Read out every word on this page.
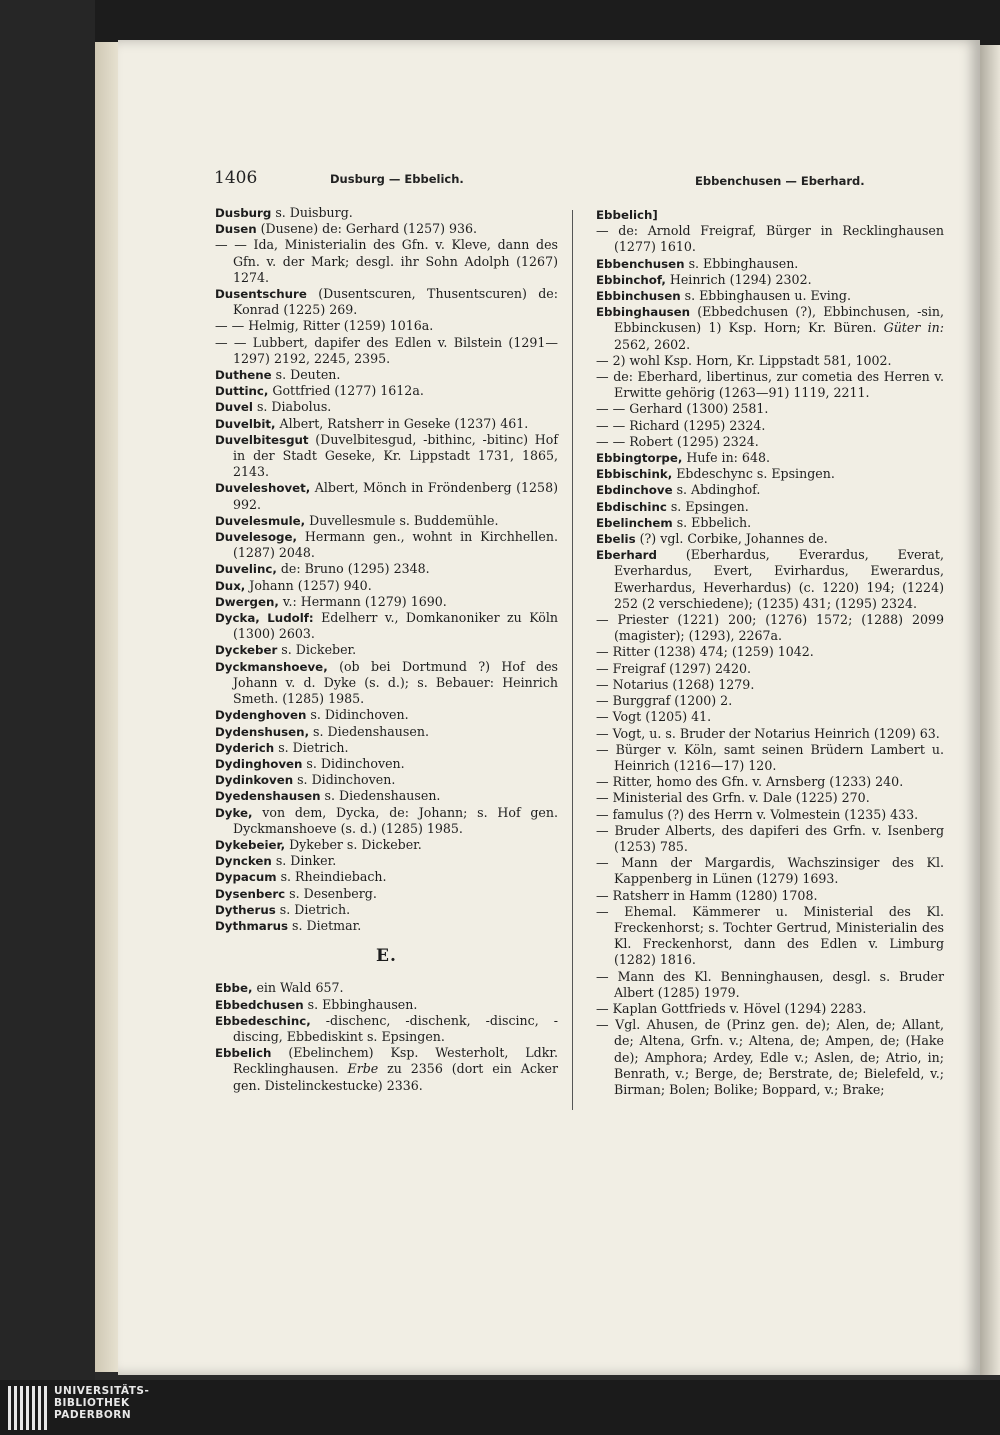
1406	Dusburg — Ebbelich.	Ebbenchusen — Eberhard.

Dusburg s. Duisburg.

Dusen (Dusene) de: Gerhard (1257) 936.

— — Ida, Ministerialin des Gfn. v. Kleve, dann des Gfn. v. der Mark; desgl. ihr Sohn Adolph (1267) 1274.

Dusentschure (Dusentscuren, Thusentscuren) de: Konrad (1225) 269.

— — Helmig, Ritter (1259) 1016a.

— — Lubbert, dapifer des Edlen v. Bilstein (1291—1297) 2192, 2245, 2395.

Duthene s. Deuten.

Duttinc, Gottfried (1277) 1612a.

Duvel s. Diabolus.

Duvelbit, Albert, Ratsherr in Geseke (1237) 461.

Duvelbitesgut (Duvelbitesgud, -bithinc, -bitinc) Hof in der Stadt Geseke, Kr. Lippstadt 1731, 1865, 2143.

Duveleshovet, Albert, Mönch in Fröndenberg (1258) 992.

Duvelesmule, Duvellesmule s. Buddemühle.

Duvelesoge, Hermann gen., wohnt in Kirchhellen. (1287) 2048.

Duvelinc, de: Bruno (1295) 2348.

Dux, Johann (1257) 940.

Dwergen, v.: Hermann (1279) 1690.

Dycka, Ludolf: Edelherr v., Domkanoniker zu Köln (1300) 2603.

Dyckeber s. Dickeber.

Dyckmanshoeve, (ob bei Dortmund ?) Hof des Johann v. d. Dyke (s. d.); s. Bebauer: Heinrich Smeth. (1285) 1985.

Dydenghoven s. Didinchoven.

Dydenshusen, s. Diedenshausen.

Dyderich s. Dietrich.

Dydinghoven s. Didinchoven.

Dydinkoven s. Didinchoven.

Dyedenshausen s. Diedenshausen.

Dyke, von dem, Dycka, de: Johann; s. Hof gen. Dyckmanshoeve (s. d.) (1285) 1985.

Dykebeier, Dykeber s. Dickeber.

Dyncken s. Dinker.

Dypacum s. Rheindiebach.

Dysenberc s. Desenberg.

Dytherus s. Dietrich.

Dythmarus s. Dietmar.

E.

Ebbe, ein Wald 657.

Ebbedchusen s. Ebbinghausen.

Ebbedeschinc, -dischenc, -dischenk, -discinc, -discing, Ebbediskint s. Epsingen.

Ebbelich (Ebelinchem) Ksp. Westerholt, Ldkr. Recklinghausen. Erbe zu 2356 (dort ein Acker gen. Distelinckestucke) 2336.

Ebbelich]

— de: Arnold Freigraf, Bürger in Recklinghausen (1277) 1610.

Ebbenchusen s. Ebbinghausen.

Ebbinchof, Heinrich (1294) 2302.

Ebbinchusen s. Ebbinghausen u. Eving.

Ebbinghausen (Ebbedchusen (?), Ebbinchusen, -sin, Ebbinckusen) 1) Ksp. Horn; Kr. Büren. Güter in: 2562, 2602.

— 2) wohl Ksp. Horn, Kr. Lippstadt 581, 1002.

— de: Eberhard, libertinus, zur cometia des Herren v. Erwitte gehörig (1263—91) 1119, 2211.

— — Gerhard (1300) 2581.

— — Richard (1295) 2324.

— — Robert (1295) 2324.

Ebbingtorpe, Hufe in: 648.

Ebbischink, Ebdeschync s. Epsingen.

Ebdinchove s. Abdinghof.

Ebdischinc s. Epsingen.

Ebelinchem s. Ebbelich.

Ebelis (?) vgl. Corbike, Johannes de.

Eberhard (Eberhardus, Everardus, Everat, Everhardus, Evert, Evirhardus, Ewerardus, Ewerhardus, Heverhardus) (c. 1220) 194; (1224) 252 (2 verschiedene); (1235) 431; (1295) 2324.

— Priester (1221) 200; (1276) 1572; (1288) 2099 (magister); (1293), 2267a.

— Ritter (1238) 474; (1259) 1042.

— Freigraf (1297) 2420.

— Notarius (1268) 1279.

— Burggraf (1200) 2.

— Vogt (1205) 41.

— Vogt, u. s. Bruder der Notarius Heinrich (1209) 63.

— Bürger v. Köln, samt seinen Brüdern Lambert u. Heinrich (1216—17) 120.

— Ritter, homo des Gfn. v. Arnsberg (1233) 240.

— Ministerial des Grfn. v. Dale (1225) 270.

— famulus (?) des Herrn v. Volmestein (1235) 433.

— Bruder Alberts, des dapiferi des Grfn. v. Isenberg (1253) 785.

— Mann der Margardis, Wachszinsiger des Kl. Kappenberg in Lünen (1279) 1693.

— Ratsherr in Hamm (1280) 1708.

— Ehemal. Kämmerer u. Ministerial des Kl. Freckenhorst; s. Tochter Gertrud, Ministerialin des Kl. Freckenhorst, dann des Edlen v. Limburg (1282) 1816.

— Mann des Kl. Benninghausen, desgl. s. Bruder Albert (1285) 1979.

— Kaplan Gottfrieds v. Hövel (1294) 2283.

— Vgl. Ahusen, de (Prinz gen. de); Alen, de; Allant, de; Altena, Grfn. v.; Altena, de; Ampen, de; (Hake de); Amphora; Ardey, Edle v.; Aslen, de; Atrio, in; Benrath, v.; Berge, de; Berstrate, de; Bielefeld, v.; Birman; Bolen; Bolike; Boppard, v.; Brake;

UNIVERSITÄTS-
BIBLIOTHEK
PADERBORN
